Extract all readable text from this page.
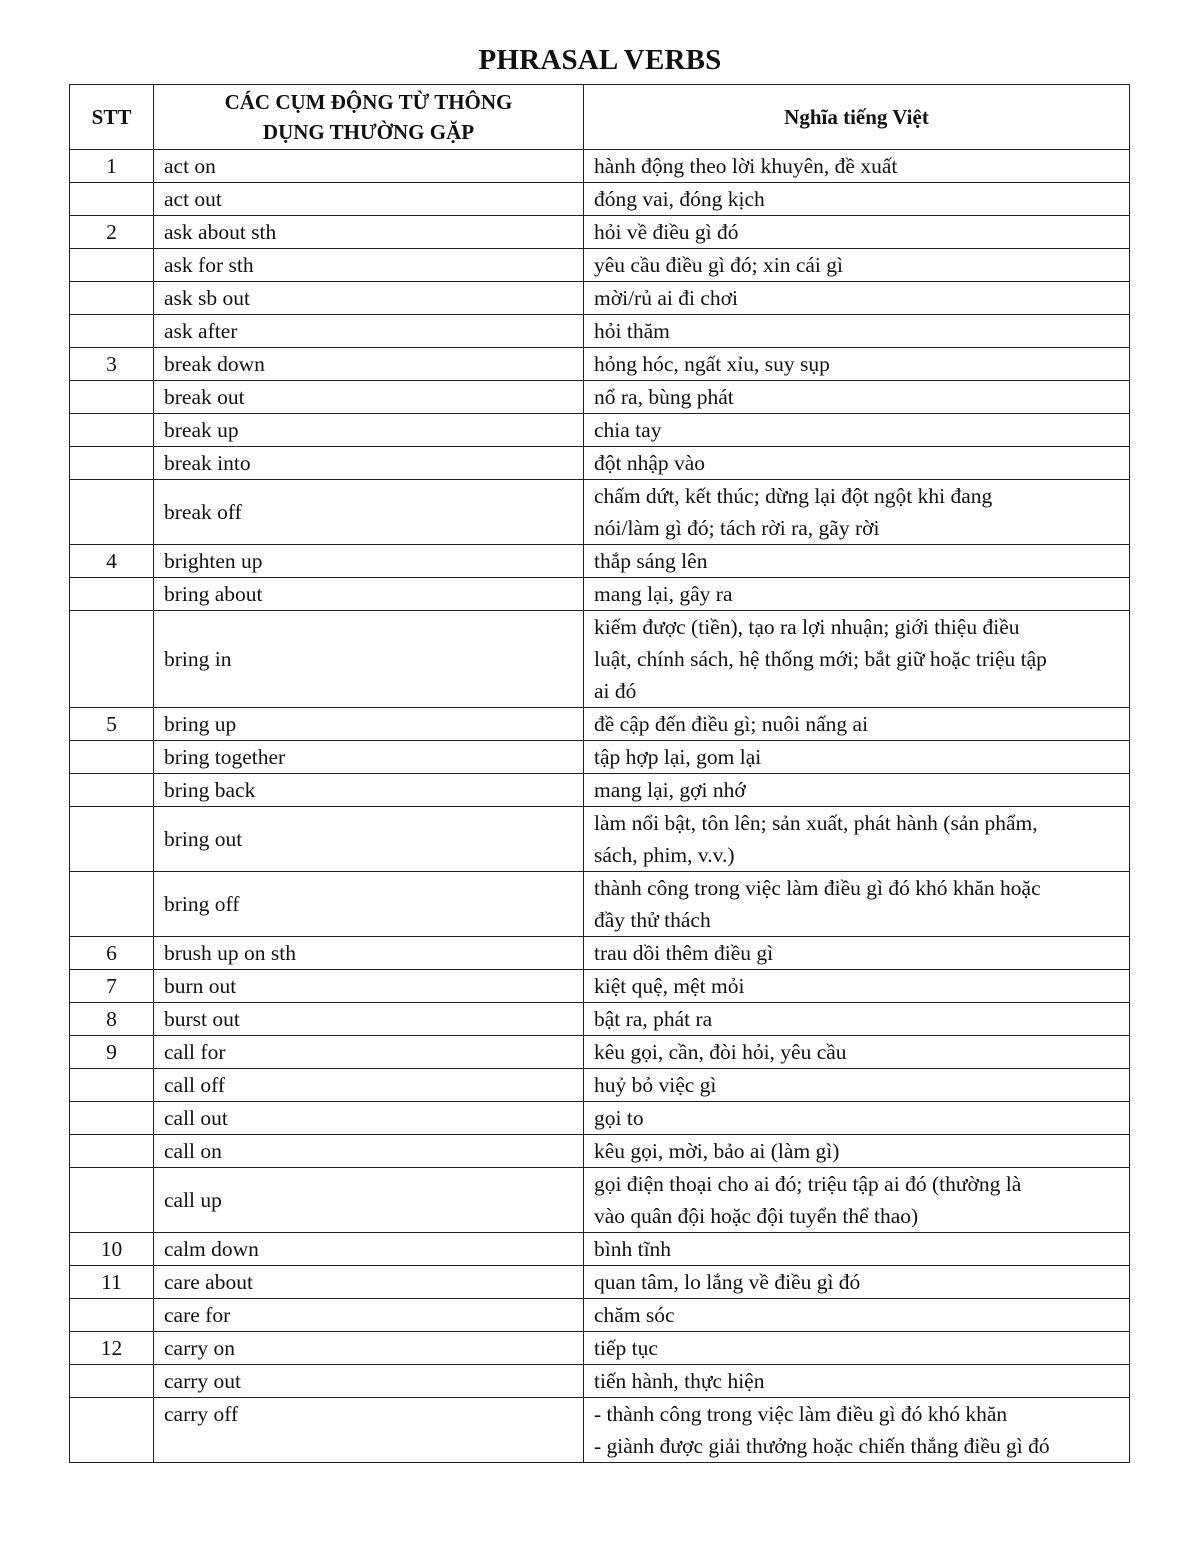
PHRASAL VERBS
STT	CÁC CỤM ĐỘNG TỪ THÔNG DỤNG THƯỜNG GẶP	Nghĩa tiếng Việt
1	act on	hành động theo lời khuyên, đề xuất

	act out	đóng vai, đóng kịch

2	ask about sth	hỏi về điều gì đó

	ask for sth	yêu cầu điều gì đó; xin cái gì

	ask sb out	mời/rủ ai đi chơi

	ask after	hỏi thăm

3	break down	hỏng hóc, ngất xỉu, suy sụp

	break out	nổ ra, bùng phát

	break up	chia tay

	break into	đột nhập vào

	break off	chấm dứt, kết thúc; dừng lại đột ngột khi đang
nói/làm gì đó; tách rời ra, gãy rời

4	brighten up	thắp sáng lên

	bring about	mang lại, gây ra

	bring in	kiếm được (tiền), tạo ra lợi nhuận; giới thiệu điều
luật, chính sách, hệ thống mới; bắt giữ hoặc triệu tập
ai đó

5	bring up	đề cập đến điều gì; nuôi nấng ai

	bring together	tập hợp lại, gom lại

	bring back	mang lại, gợi nhớ

	bring out	làm nổi bật, tôn lên; sản xuất, phát hành (sản phẩm,
sách, phim, v.v.)

	bring off	thành công trong việc làm điều gì đó khó khăn hoặc
đầy thử thách

6	brush up on sth	trau dồi thêm điều gì

7	burn out	kiệt quệ, mệt mỏi

8	burst out	bật ra, phát ra

9	call for	kêu gọi, cần, đòi hỏi, yêu cầu

	call off	huỷ bỏ việc gì

	call out	gọi to

	call on	kêu gọi, mời, bảo ai (làm gì)

	call up	gọi điện thoại cho ai đó; triệu tập ai đó (thường là
vào quân đội hoặc đội tuyển thể thao)

10	calm down	bình tĩnh

11	care about	quan tâm, lo lắng về điều gì đó

	care for	chăm sóc

12	carry on	tiếp tục

	carry out	tiến hành, thực hiện

	carry off	- thành công trong việc làm điều gì đó khó khăn
- giành được giải thưởng hoặc chiến thắng điều gì đó
